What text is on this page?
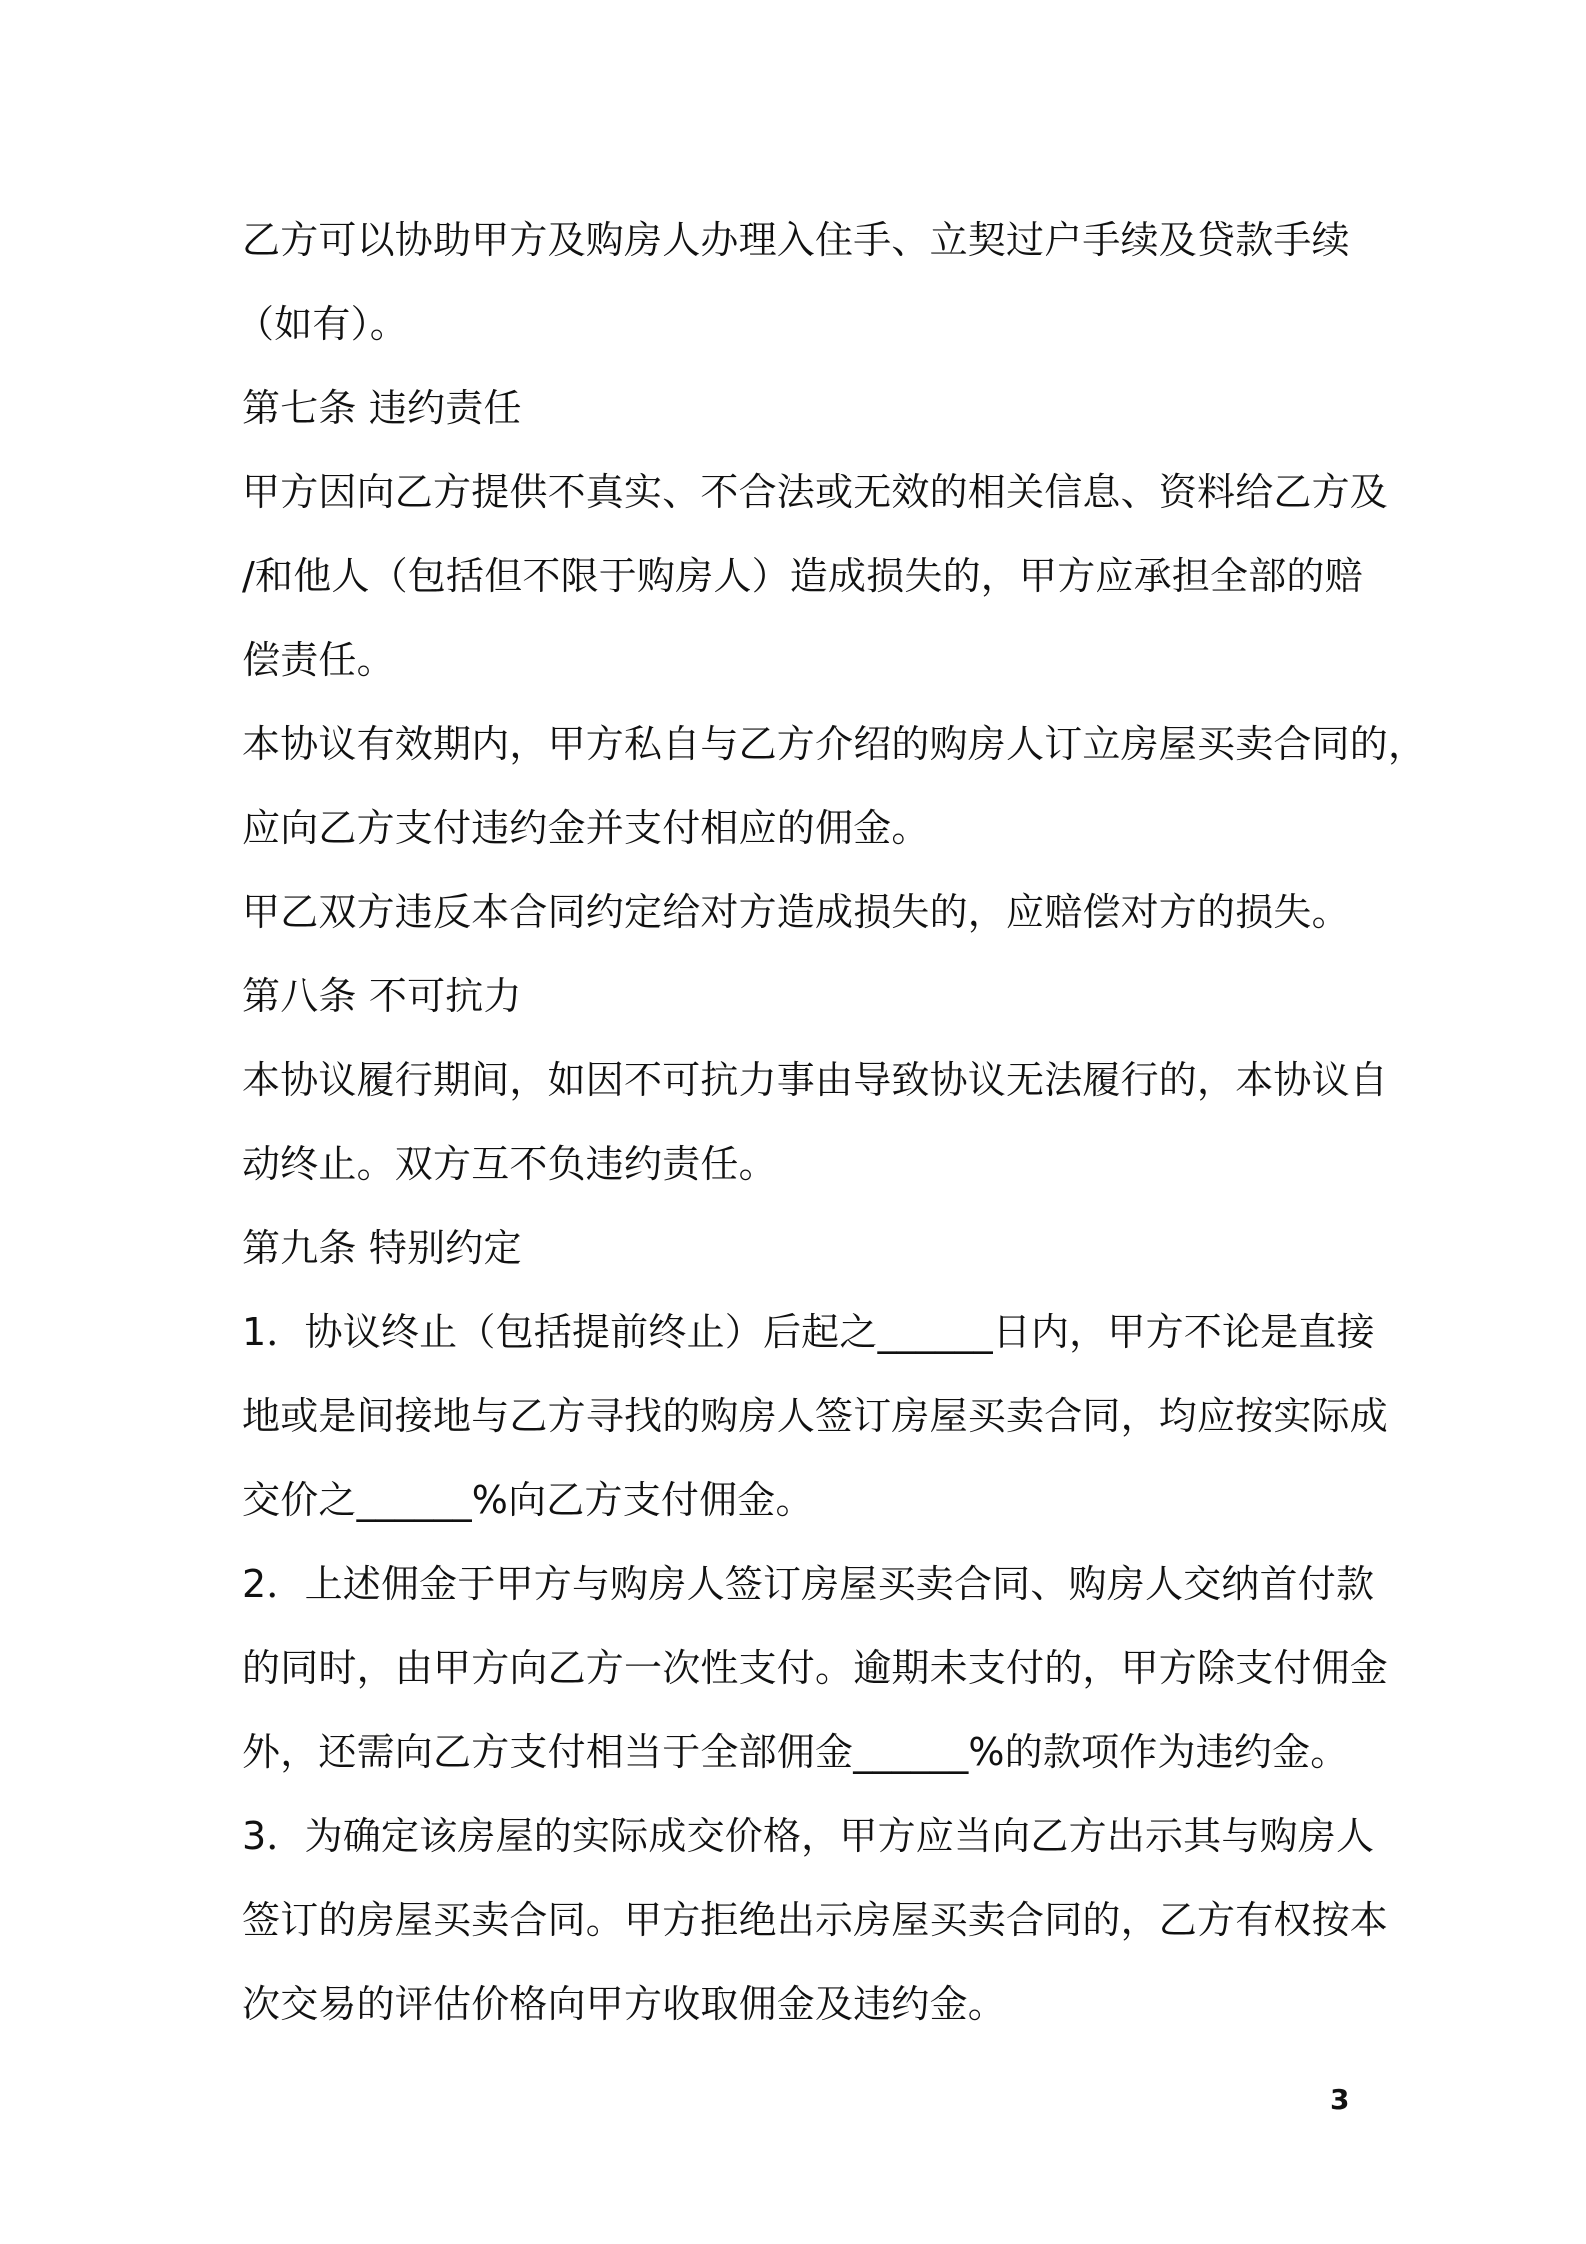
乙方可以协助甲方及购房人办理入住手、立契过户手续及贷款手续
（如有）。
第七条 违约责任
甲方因向乙方提供不真实、不合法或无效的相关信息、资料给乙方及
/和他人（包括但不限于购房人）造成损失的，甲方应承担全部的赔
偿责任。
本协议有效期内，甲方私自与乙方介绍的购房人订立房屋买卖合同的，
应向乙方支付违约金并支付相应的佣金。
甲乙双方违反本合同约定给对方造成损失的，应赔偿对方的损失。
第八条 不可抗力
本协议履行期间，如因不可抗力事由导致协议无法履行的，本协议自
动终止。双方互不负违约责任。
第九条 特别约定
1．协议终止（包括提前终止）后起之______日内，甲方不论是直接
地或是间接地与乙方寻找的购房人签订房屋买卖合同，均应按实际成
交价之______%向乙方支付佣金。
2．上述佣金于甲方与购房人签订房屋买卖合同、购房人交纳首付款
的同时，由甲方向乙方一次性支付。逾期未支付的，甲方除支付佣金
外，还需向乙方支付相当于全部佣金______%的款项作为违约金。
3．为确定该房屋的实际成交价格，甲方应当向乙方出示其与购房人
签订的房屋买卖合同。甲方拒绝出示房屋买卖合同的，乙方有权按本
次交易的评估价格向甲方收取佣金及违约金。
3
